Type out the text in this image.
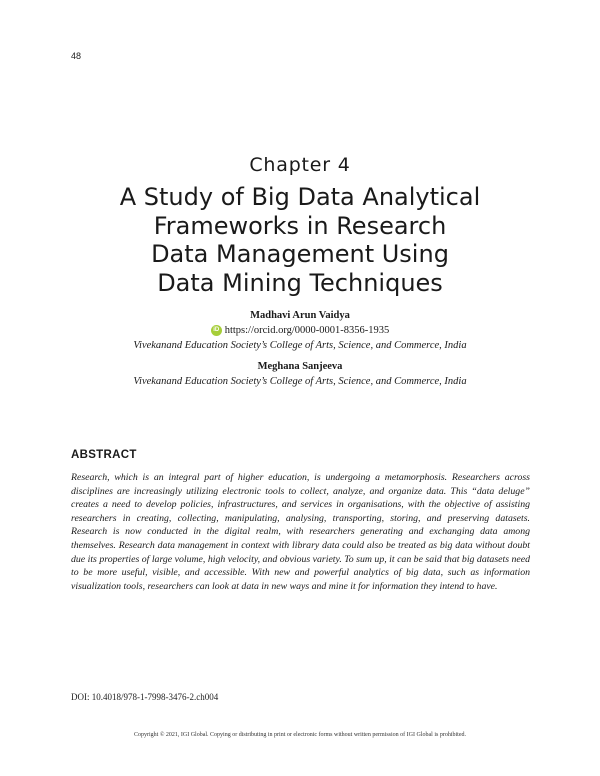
48
Chapter 4
A Study of Big Data Analytical
Frameworks in Research
Data Management Using
Data Mining Techniques
Madhavi Arun Vaidya
iD https://orcid.org/0000-0001-8356-1935
Vivekanand Education Society’s College of Arts, Science, and Commerce, India
Meghana Sanjeeva
Vivekanand Education Society’s College of Arts, Science, and Commerce, India
ABSTRACT

Research, which is an integral part of higher education, is undergoing a metamorphosis. Researchers across disciplines are increasingly utilizing electronic tools to collect, analyze, and organize data. This “data deluge” creates a need to develop policies, infrastructures, and services in organisations, with the objective of assisting researchers in creating, collecting, manipulating, analysing, transporting, storing, and preserving datasets. Research is now conducted in the digital realm, with researchers generating and exchanging data among themselves. Research data management in context with library data could also be treated as big data without doubt due its properties of large volume, high velocity, and obvious variety. To sum up, it can be said that big datasets need to be more useful, visible, and accessible. With new and powerful analytics of big data, such as information visualization tools, researchers can look at data in new ways and mine it for information they intend to have.

DOI: 10.4018/978-1-7998-3476-2.ch004
Copyright © 2021, IGI Global. Copying or distributing in print or electronic forms without written permission of IGI Global is prohibited.
